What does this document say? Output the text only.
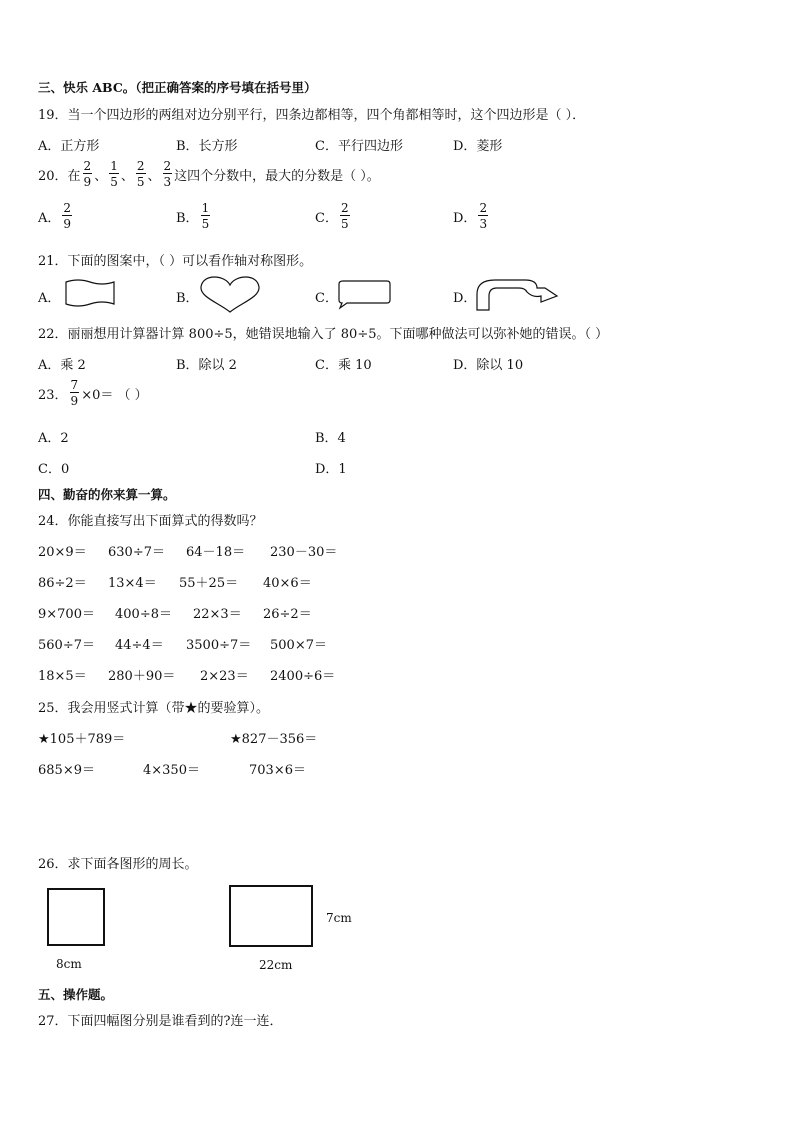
三、快乐 ABC。（把正确答案的序号填在括号里）
19．当一个四边形的两组对边分别平行，四条边都相等，四个角都相等时，这个四边形是（ ）．
A．正方形	B．长方形	C．平行四边形	D．菱形
20．在 $\frac{2}{9}$ 、 $\frac{1}{5}$ 、 $\frac{2}{5}$ 、 $\frac{2}{3}$ 这四个分数中，最大的分数是（ ）。
A． $\frac{2}{9}$	B． $\frac{1}{5}$	C． $\frac{2}{5}$	D． $\frac{2}{3}$
21．下面的图案中，（ ）可以看作轴对称图形。
A．	B．	C．	D．
22．丽丽想用计算器计算 800÷5，她错误地输入了 80÷5。下面哪种做法可以弥补她的错误。（ ）
A．乘 2	B．除以 2	C．乘 10	D．除以 10
23． $\frac{7}{9} \times 0=$ （ ）
A．2	B．4
C．0	D．1
四、勤奋的你来算一算。
24．你能直接写出下面算式的得数吗？
20×9＝ 630÷7＝ 64－18＝ 230－30＝
86÷2＝ 13×4＝ 55＋25＝ 40×6＝
9×700＝ 400÷8＝ 22×3＝ 26÷2＝
560÷7＝ 44÷4＝ 3500÷7＝ 500×7＝
18×5＝ 280＋90＝ 2×23＝ 2400÷6＝
25．我会用竖式计算（带★的要验算）。
★105＋789＝	★827－356＝
685×9＝	4×350＝	703×6＝
26．求下面各图形的周长。
8cm
7cm
22cm
五、操作题。
27．下面四幅图分别是谁看到的?连一连．
